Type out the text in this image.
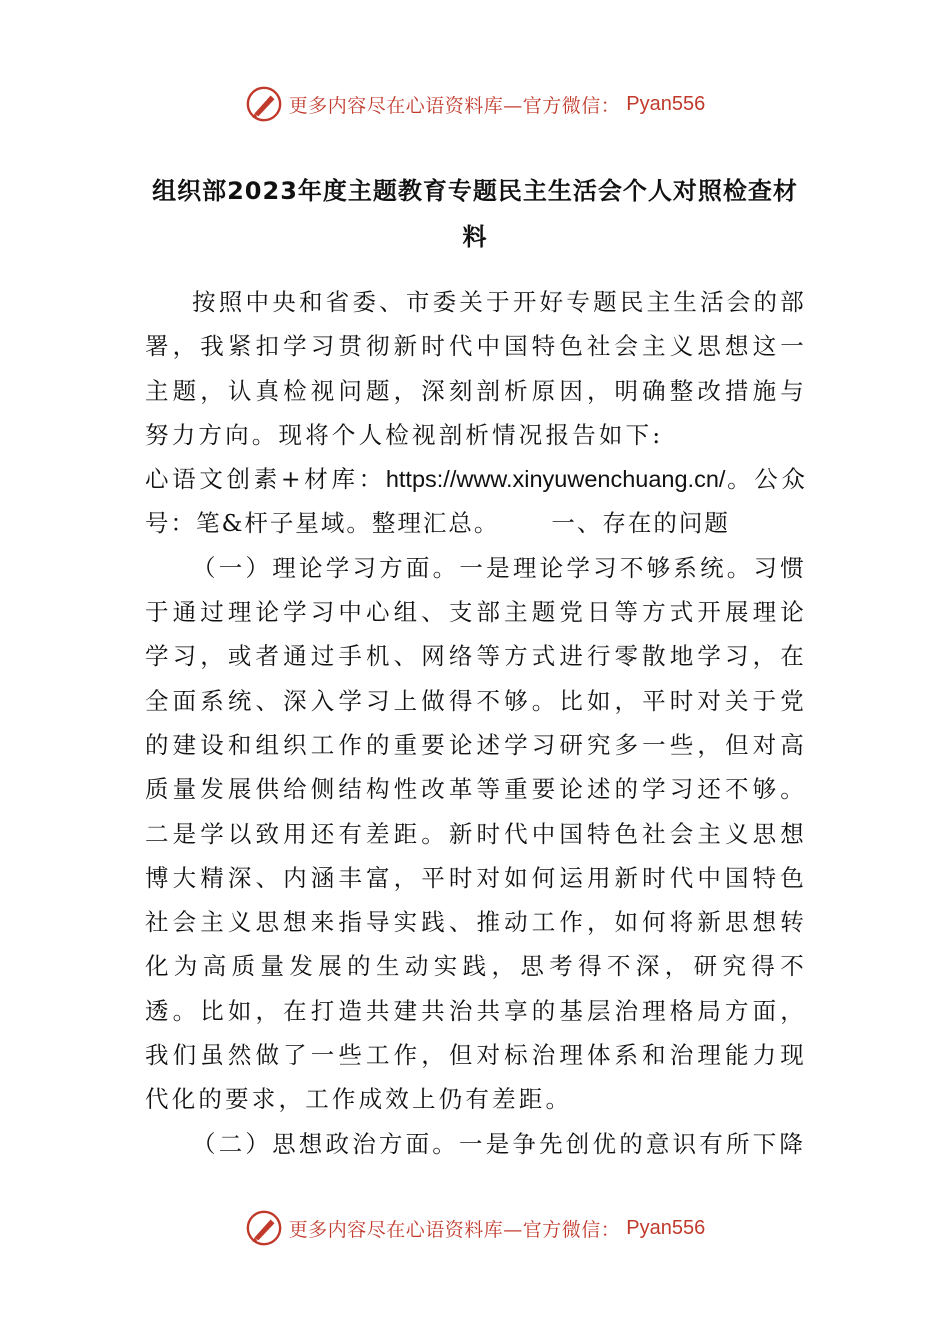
更多内容尽在心语资料库—官方微信： Pyan556
组织部2023年度主题教育专题民主生活会个人对照检查材料

按照中央和省委、市委关于开好专题民主生活会的部署，我紧扣学习贯彻新时代中国特色社会主义思想这一主题，认真检视问题，深刻剖析原因，明确整改措施与努力方向。现将个人检视剖析情况报告如下:

心语文创素+材库：https://www.xinyuwenchuang.cn/。公众号：笔&杆子星域。整理汇总。 一、存在的问题

（一）理论学习方面。一是理论学习不够系统。习惯于通过理论学习中心组、支部主题党日等方式开展理论学习，或者通过手机、网络等方式进行零散地学习，在全面系统、深入学习上做得不够。比如，平时对关于党的建设和组织工作的重要论述学习研究多一些，但对高质量发展供给侧结构性改革等重要论述的学习还不够。二是学以致用还有差距。新时代中国特色社会主义思想博大精深、内涵丰富，平时对如何运用新时代中国特色社会主义思想来指导实践、推动工作，如何将新思想转化为高质量发展的生动实践，思考得不深，研究得不透。比如，在打造共建共治共享的基层治理格局方面，我们虽然做了一些工作，但对标治理体系和治理能力现代化的要求，工作成效上仍有差距。

（二）思想政治方面。一是争先创优的意识有所下降

更多内容尽在心语资料库—官方微信： Pyan556
